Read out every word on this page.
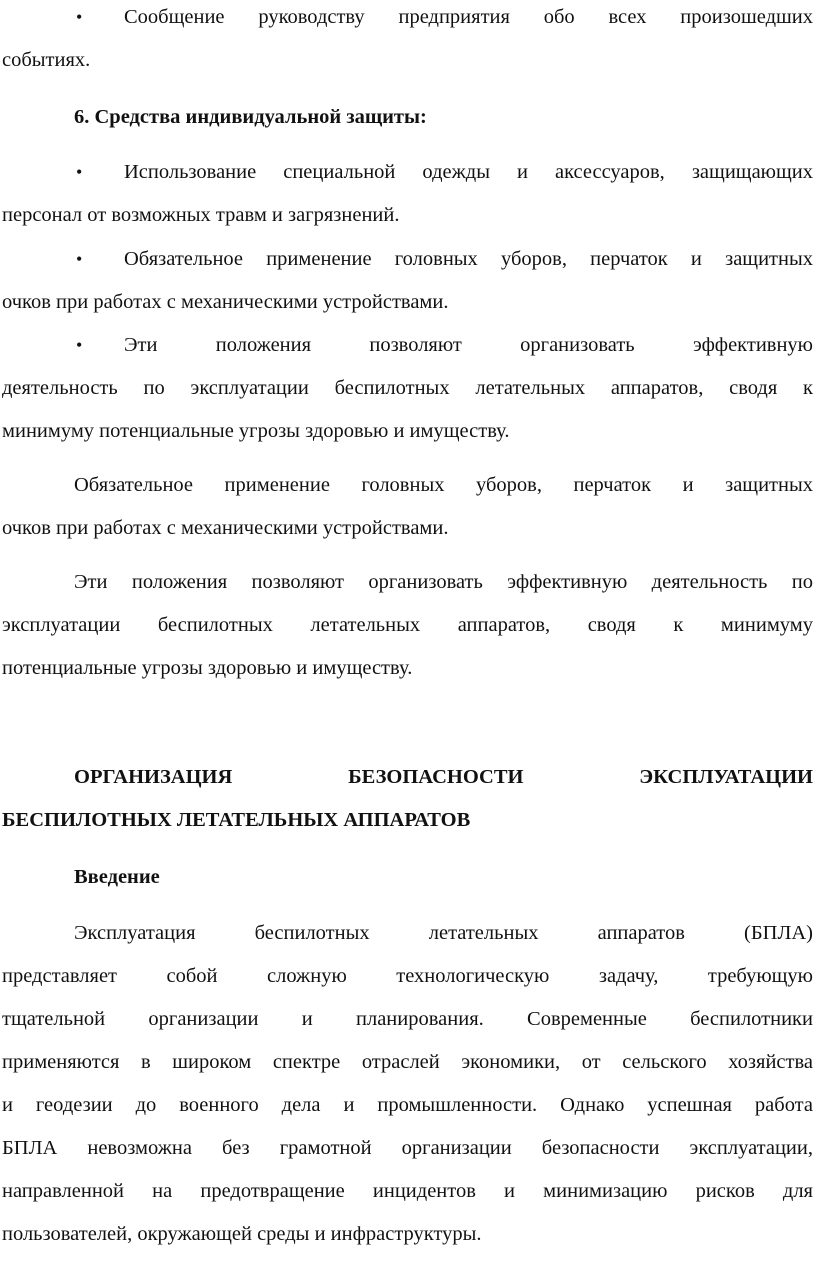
• Сообщение руководству предприятия обо всех произошедших
событиях.
6. Средства индивидуальной защиты:
• Использование специальной одежды и аксессуаров, защищающих
персонал от возможных травм и загрязнений.
• Обязательное применение головных уборов, перчаток и защитных
очков при работах с механическими устройствами.
• Эти положения позволяют организовать эффективную
деятельность по эксплуатации беспилотных летательных аппаратов, сводя к
минимуму потенциальные угрозы здоровью и имуществу.
Обязательное применение головных уборов, перчаток и защитных
очков при работах с механическими устройствами.
Эти положения позволяют организовать эффективную деятельность по
эксплуатации беспилотных летательных аппаратов, сводя к минимуму
потенциальные угрозы здоровью и имуществу.
ОРГАНИЗАЦИЯ БЕЗОПАСНОСТИ ЭКСПЛУАТАЦИИ
БЕСПИЛОТНЫХ ЛЕТАТЕЛЬНЫХ АППАРАТОВ
Введение
Эксплуатация беспилотных летательных аппаратов (БПЛА)
представляет собой сложную технологическую задачу, требующую
тщательной организации и планирования. Современные беспилотники
применяются в широком спектре отраслей экономики, от сельского хозяйства
и геодезии до военного дела и промышленности. Однако успешная работа
БПЛА невозможна без грамотной организации безопасности эксплуатации,
направленной на предотвращение инцидентов и минимизацию рисков для
пользователей, окружающей среды и инфраструктуры.
